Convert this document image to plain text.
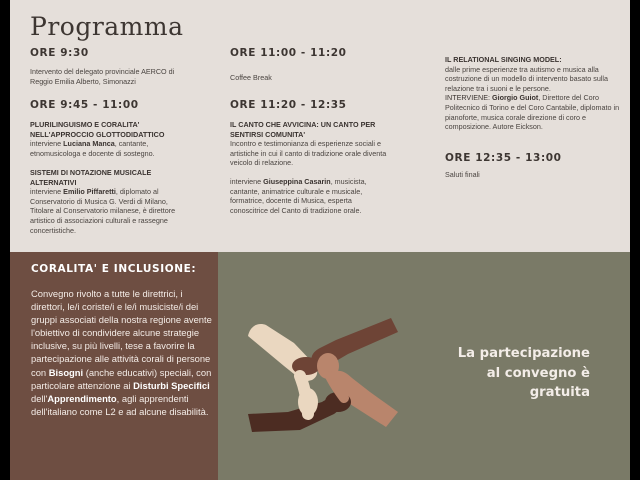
Programma

ORE 9:30

Intervento del delegato provinciale AERCO di Reggio Emilia Alberto, Simonazzi

ORE 9:45 - 11:00

PLURILINGUISMO E CORALITA' NELL'APPROCCIO GLOTTODIDATTICO
interviene Luciana Manca, cantante, etnomusicologa e docente di sostegno.

SISTEMI DI NOTAZIONE MUSICALE ALTERNATIVI
interviene Emilio Piffaretti, diplomato al Conservatorio di Musica G. Verdi di Milano, Titolare al Conservatorio milanese, è direttore artistico di associazioni culturali e rassegne concertistiche.

ORE 11:00 - 11:20

Coffee Break

ORE 11:20 - 12:35

IL CANTO CHE AVVICINA: UN CANTO PER SENTIRSI COMUNITA'
Incontro e testimonianza di esperienze sociali e artistiche in cui il canto di tradizione orale diventa veicolo di relazione.

interviene Giuseppina Casarin, musicista, cantante, animatrice culturale e musicale, formatrice, docente di Musica, esperta conoscitrice del Canto di tradizione orale.

IL RELATIONAL SINGING MODEL:
dalle prime esperienze tra autismo e musica alla costruzione di un modello di intervento basato sulla relazione tra i suoni e le persone.
INTERVIENE: Giorgio Guiot, Direttore del Coro Politecnico di Torino e del Coro Cantabile, diplomato in pianoforte, musica corale direzione di coro e composizione. Autore Eickson.

ORE 12:35 - 13:00

Saluti finali

CORALITA' E INCLUSIONE:

Convegno rivolto a tutte le direttrici, i direttori, le/i coriste/i e le/i musiciste/i dei gruppi associati della nostra regione avente l'obiettivo di condividere alcune strategie inclusive, su più livelli, tese a favorire la partecipazione alle attività corali di persone con Bisogni (anche educativi) speciali, con particolare attenzione ai Disturbi Specifici dell'Apprendimento, agli apprendenti dell'italiano come L2 e ad alcune disabilità.

La partecipazione
al convegno è
gratuita
